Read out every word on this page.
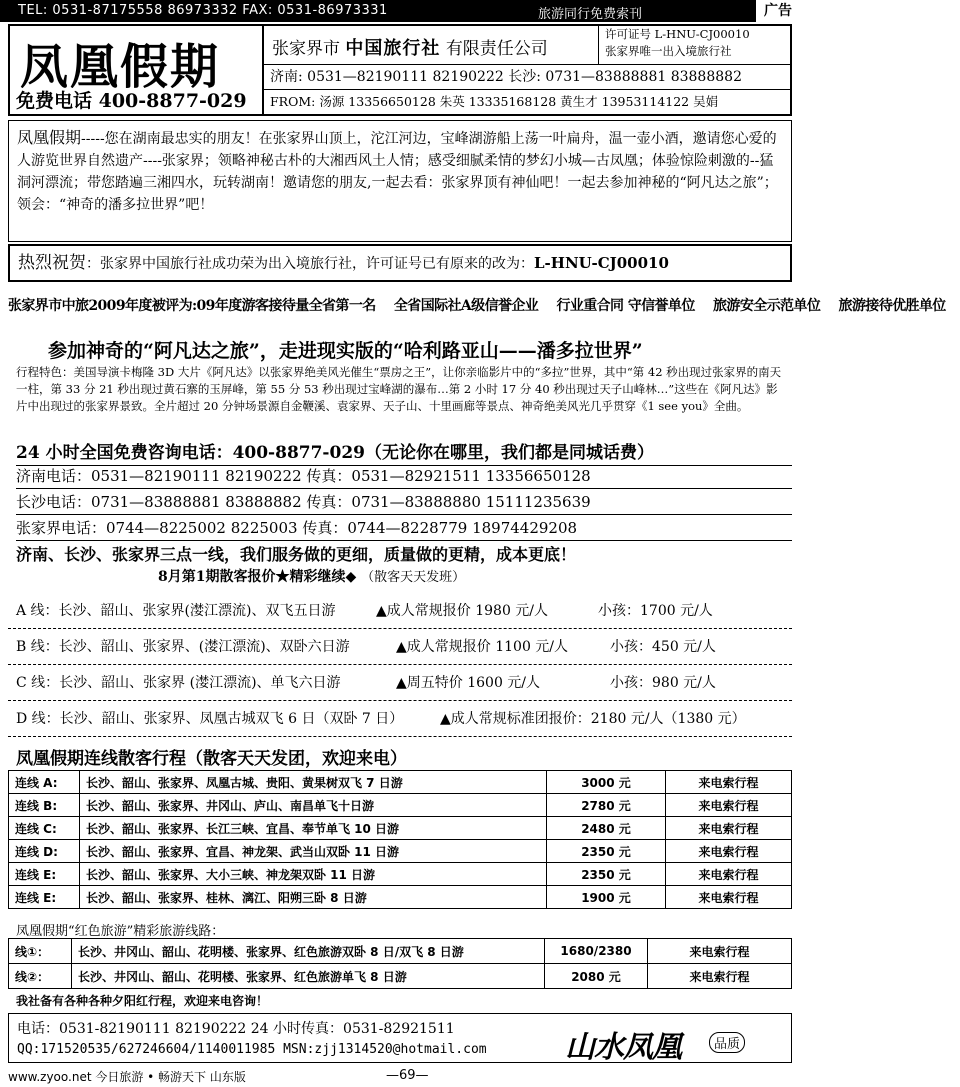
TEL: 0531-87175558 86973332 FAX: 0531-86973331	旅游同行免费索刊	广告
凤凰假期
免费电话 400-8877-029
张家界市 中国旅行社 有限责任公司
许可证号 L-HNU-CJ00010
张家界唯一出入境旅行社
济南: 0531—82190111 82190222 长沙: 0731—83888881 83888882
FROM: 汤源 13356650128 朱英 13335168128 黄生才 13953114122 吴娟
凤凰假期-----您在湖南最忠实的朋友！在张家界山顶上，沱江河边，宝峰湖游船上荡一叶扁舟，温一壶小酒，邀请您心爱的人游览世界自然遗产----张家界；领略神秘古朴的大湘西风土人情；感受细腻柔情的梦幻小城—古凤凰；体验惊险刺激的--猛洞河漂流；带您踏遍三湘四水，玩转湖南！邀请您的朋友,一起去看：张家界顶有神仙吧！一起去参加神秘的“阿凡达之旅”；领会：“神奇的潘多拉世界”吧！
热烈祝贺：张家界中国旅行社成功荣为出入境旅行社，许可证号已有原来的改为：L-HNU-CJ00010
张家界市中旅2009年度被评为:09年度游客接待量全省第一名 全省国际社A级信誉企业 行业重合同 守信誉单位 旅游安全示范单位 旅游接待优胜单位
参加神奇的“阿凡达之旅”，走进现实版的“哈利路亚山——潘多拉世界”
行程特色：美国导演卡梅隆 3D 大片《阿凡达》以张家界绝美风光催生“票房之王”，让你亲临影片中的“多拉”世界，其中“第 42 秒出现过张家界的南天一柱，第 33 分 21 秒出现过黄石寨的玉屏峰，第 55 分 53 秒出现过宝峰湖的瀑布…第 2 小时 17 分 40 秒出现过天子山峰林…”这些在《阿凡达》影片中出现过的张家界景致。全片超过 20 分钟场景源自金鞭溪、袁家界、天子山、十里画廊等景点、神奇绝美风光几乎贯穿《1 see you》全曲。
24 小时全国免费咨询电话：400-8877-029（无论你在哪里，我们都是同城话费）
济南电话：0531—82190111 82190222 传真：0531—82921511 13356650128
长沙电话：0731—83888881 83888882 传真：0731—83888880 15111235639
张家界电话：0744—8225002 8225003 传真：0744—8228779 18974429208
济南、长沙、张家界三点一线，我们服务做的更细，质量做的更精，成本更底！
8月第1期散客报价★精彩继续◆ （散客天天发班）
A 线：长沙、韶山、张家界(漤江漂流)、双飞五日游	▲成人常规报价 1980 元/人	小孩：1700 元/人
B 线：长沙、韶山、张家界、(漤江漂流)、双卧六日游	▲成人常规报价 1100 元/人	小孩：450 元/人
C 线：长沙、韶山、张家界 (漤江漂流)、单飞六日游	▲周五特价 1600 元/人	小孩：980 元/人
D 线：长沙、韶山、张家界、凤凰古城双飞 6 日（双卧 7 日）	▲成人常规标准团报价：2180 元/人（1380 元）
凤凰假期连线散客行程（散客天天发团，欢迎来电）
连线 A:	长沙、韶山、张家界、凤凰古城、贵阳、黄果树双飞 7 日游	3000 元	来电索行程
连线 B:	长沙、韶山、张家界、井冈山、庐山、南昌单飞十日游	2780 元	来电索行程
连线 C:	长沙、韶山、张家界、长江三峡、宜昌、奉节单飞 10 日游	2480 元	来电索行程
连线 D:	长沙、韶山、张家界、宜昌、神龙架、武当山双卧 11 日游	2350 元	来电索行程
连线 E:	长沙、韶山、张家界、大小三峡、神龙架双卧 11 日游	2350 元	来电索行程
连线 E:	长沙、韶山、张家界、桂林、漓江、阳朔三卧 8 日游	1900 元	来电索行程
凤凰假期“红色旅游”精彩旅游线路：
线①：	长沙、井冈山、韶山、花明楼、张家界、红色旅游双卧 8 日/双飞 8 日游	1680/2380	来电索行程
线②：	长沙、井冈山、韶山、花明楼、张家界、红色旅游单飞 8 日游	2080 元	来电索行程
我社备有各种各种夕阳红行程，欢迎来电咨询！
电话：0531-82190111 82190222 24 小时传真：0531-82921511
QQ:171520535/627246604/1140011985 MSN:zjj1314520@hotmail.com	山水凤凰	品质
www.zyoo.net 今日旅游 • 畅游天下 山东版	—69—
